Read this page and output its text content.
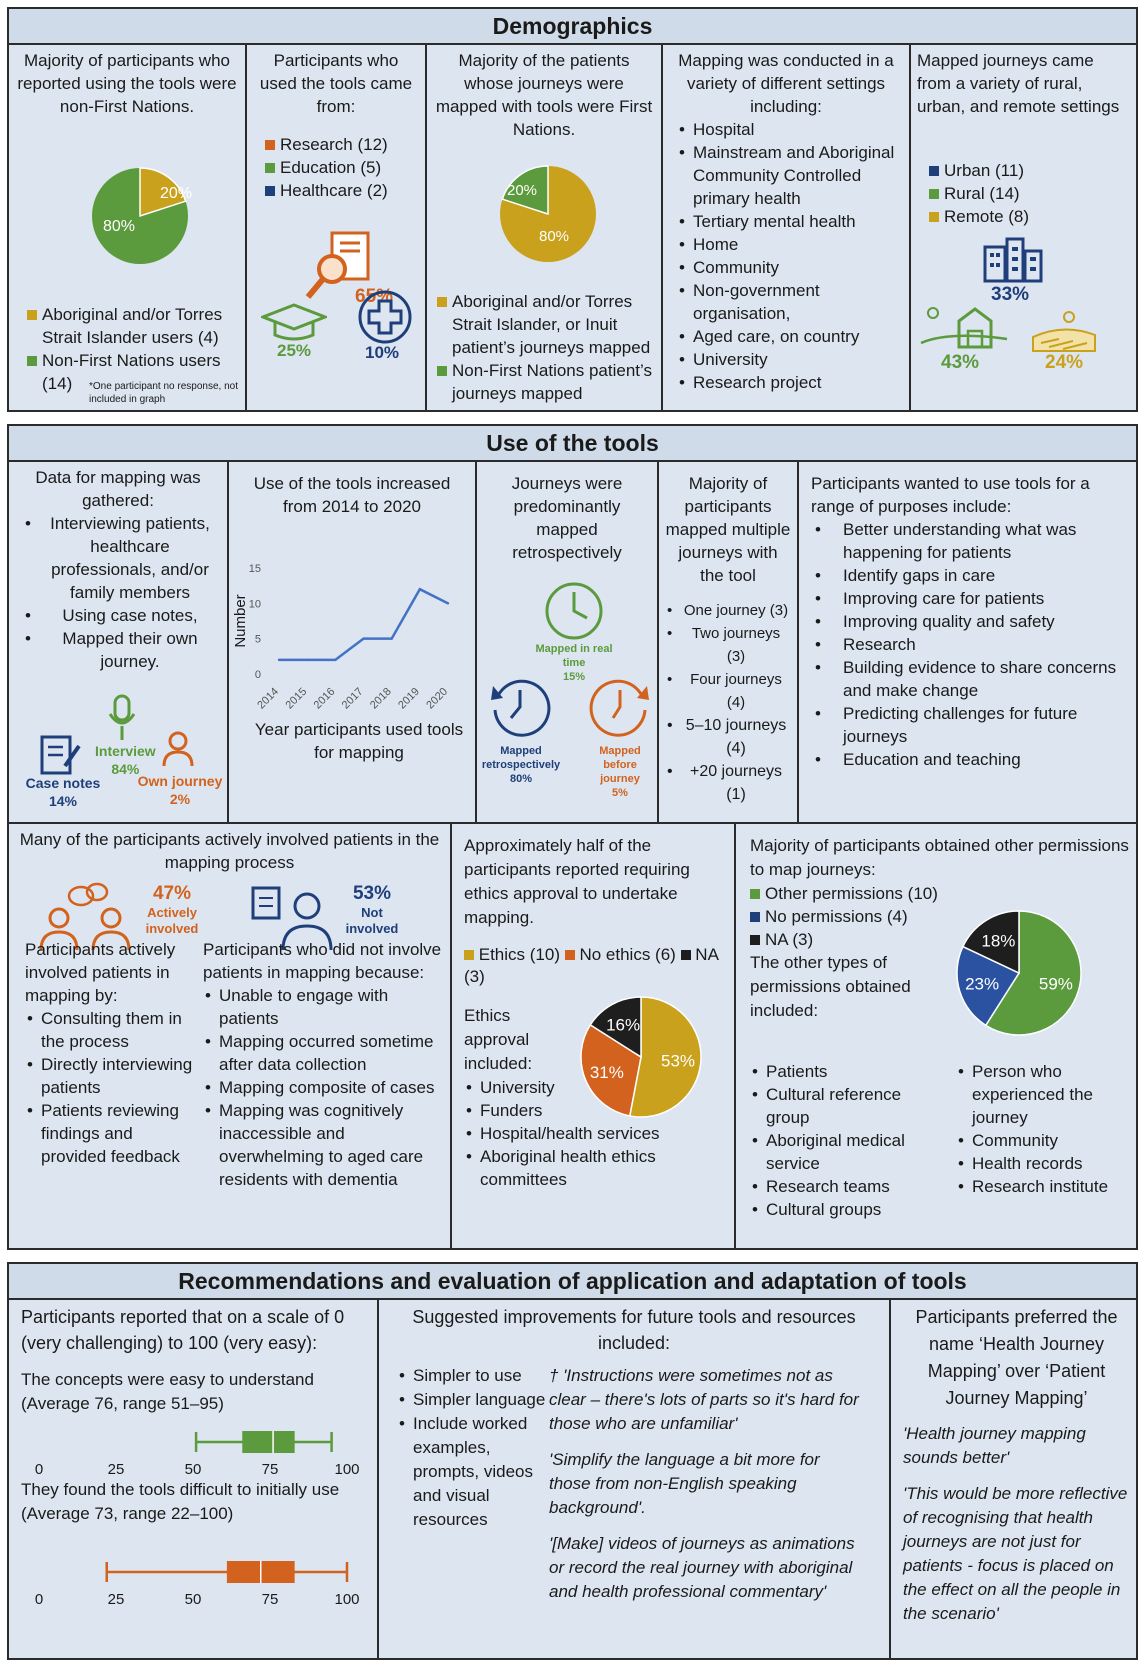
Demographics
Majority of participants who reported using the tools were non-First Nations.
20%
80%
Aboriginal and/or Torres Strait Islander users (4)
Non-First Nations users (14)	*One participant no response, not included in graph
Participants who used the tools came from:
Research (12)
Education (5)
Healthcare (2)
65%
25%	10%
Majority of the patients whose journeys were mapped with tools were First Nations.
20%
80%
Aboriginal and/or Torres Strait Islander, or Inuit patient’s journeys mapped
Non-First Nations patient’s journeys mapped
Mapping was conducted in a variety of different settings including:
• Hospital
• Mainstream and Aboriginal Community Controlled primary health
• Tertiary mental health
• Home
• Community
• Non-government organisation,
• Aged care, on country
• University
• Research project
Mapped journeys came from a variety of rural, urban, and remote settings
Urban (11)
Rural (14)
Remote (8)
33%
43%	24%
Use of the tools
Data for mapping was gathered:
• Interviewing patients, healthcare professionals, and/or family members
• Using case notes,
• Mapped their own journey.
Interview
84%
Case notes 14%
Own journey 2%
Use of the tools increased from 2014 to 2020
Number
0
5
10
15
2014 2015 2016 2017 2018 2019 2020
Year participants used tools for mapping
Journeys were predominantly mapped retrospectively
Mapped in real time
15%
Mapped retrospectively
80%
Mapped before journey
5%
Majority of participants mapped multiple journeys with the tool
• One journey (3)
• Two journeys (3)
• Four journeys (4)
• 5–10 journeys (4)
• +20 journeys (1)
Participants wanted to use tools for a range of purposes include:
• Better understanding what was happening for patients
• Identify gaps in care
• Improving care for patients
• Improving quality and safety
• Research
• Building evidence to share concerns and make change
• Predicting challenges for future journeys
• Education and teaching
Many of the participants actively involved patients in the mapping process
47%
Actively involved
53%
Not involved
Participants actively involved patients in mapping by:
• Consulting them in the process
• Directly interviewing patients
• Patients reviewing findings and provided feedback
Participants who did not involve patients in mapping because:
• Unable to engage with patients
• Mapping occurred sometime after data collection
• Mapping composite of cases
• Mapping was cognitively inaccessible and overwhelming to aged care residents with dementia
Approximately half of the participants reported requiring ethics approval to undertake mapping.
Ethics (10) No ethics (6) NA (3)
Ethics approval included:
• University
• Funders
• Hospital/health services
• Aboriginal health ethics committees
53%
31%
16%
Majority of participants obtained other permissions to map journeys:
Other permissions (10)
No permissions (4)
NA (3)
The other types of permissions obtained included:
59%
23%
18%
• Patients
• Cultural reference group
• Aboriginal medical service
• Research teams
• Cultural groups
• Person who experienced the journey
• Community
• Health records
• Research institute
Recommendations and evaluation of application and adaptation of tools
Participants reported that on a scale of 0 (very challenging) to 100 (very easy):
The concepts were easy to understand (Average 76, range 51–95)
0	25	50	75	100
They found the tools difficult to initially use (Average 73, range 22–100)
0	25	50	75	100
Suggested improvements for future tools and resources included:
• Simpler to use
• Simpler language
• Include worked examples, prompts, videos and visual resources
† 'Instructions were sometimes not as clear – there's lots of parts so it's hard for those who are unfamiliar'
'Simplify the language a bit more for those from non-English speaking background'.
'[Make] videos of journeys as animations or record the real journey with aboriginal and health professional commentary'
Participants preferred the name ‘Health Journey Mapping’ over ‘Patient Journey Mapping’
'Health journey mapping sounds better'
'This would be more reflective of recognising that health journeys are not just for patients - focus is placed on the effect on all the people in the scenario'
